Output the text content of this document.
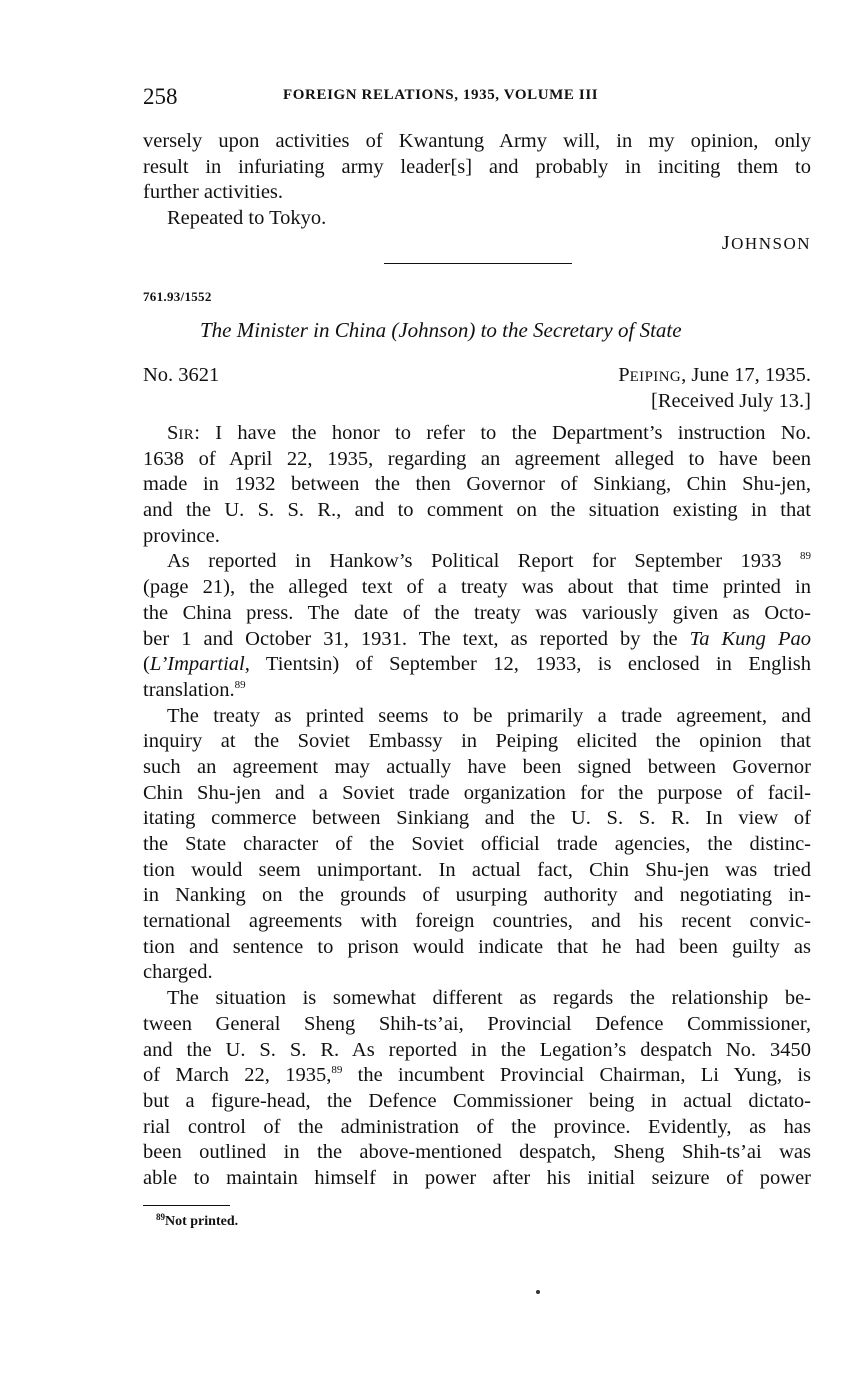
258	FOREIGN RELATIONS, 1935, VOLUME III
versely upon activities of Kwantung Army will, in my opinion, only
result in infuriating army leader[s] and probably in inciting them to
further activities.
Repeated to Tokyo.
JOHNSON
761.93/1552
The Minister in China (Johnson) to the Secretary of State
No. 3621	PEIPING, June 17, 1935.
[Received July 13.]
SIR: I have the honor to refer to the Department’s instruction No.
1638 of April 22, 1935, regarding an agreement alleged to have been
made in 1932 between the then Governor of Sinkiang, Chin Shu-jen,
and the U. S. S. R., and to comment on the situation existing in that
province.
As reported in Hankow’s Political Report for September 1933 $^{89}$
(page 21), the alleged text of a treaty was about that time printed in
the China press. The date of the treaty was variously given as Octo-
ber 1 and October 31, 1931. The text, as reported by the Ta Kung Pao
(L’Impartial, Tientsin) of September 12, 1933, is enclosed in English
translation.$^{89}$
The treaty as printed seems to be primarily a trade agreement, and
inquiry at the Soviet Embassy in Peiping elicited the opinion that
such an agreement may actually have been signed between Governor
Chin Shu-jen and a Soviet trade organization for the purpose of facil-
itating commerce between Sinkiang and the U. S. S. R. In view of
the State character of the Soviet official trade agencies, the distinc-
tion would seem unimportant. In actual fact, Chin Shu-jen was tried
in Nanking on the grounds of usurping authority and negotiating in-
ternational agreements with foreign countries, and his recent convic-
tion and sentence to prison would indicate that he had been guilty as
charged.
The situation is somewhat different as regards the relationship be-
tween General Sheng Shih-ts’ai, Provincial Defence Commissioner,
and the U. S. S. R. As reported in the Legation’s despatch No. 3450
of March 22, 1935,89 the incumbent Provincial Chairman, Li Yung, is
but a figure-head, the Defence Commissioner being in actual dictato-
rial control of the administration of the province. Evidently, as has
been outlined in the above-mentioned despatch, Sheng Shih-ts’ai was
able to maintain himself in power after his initial seizure of power
$^{89}$Not printed.
